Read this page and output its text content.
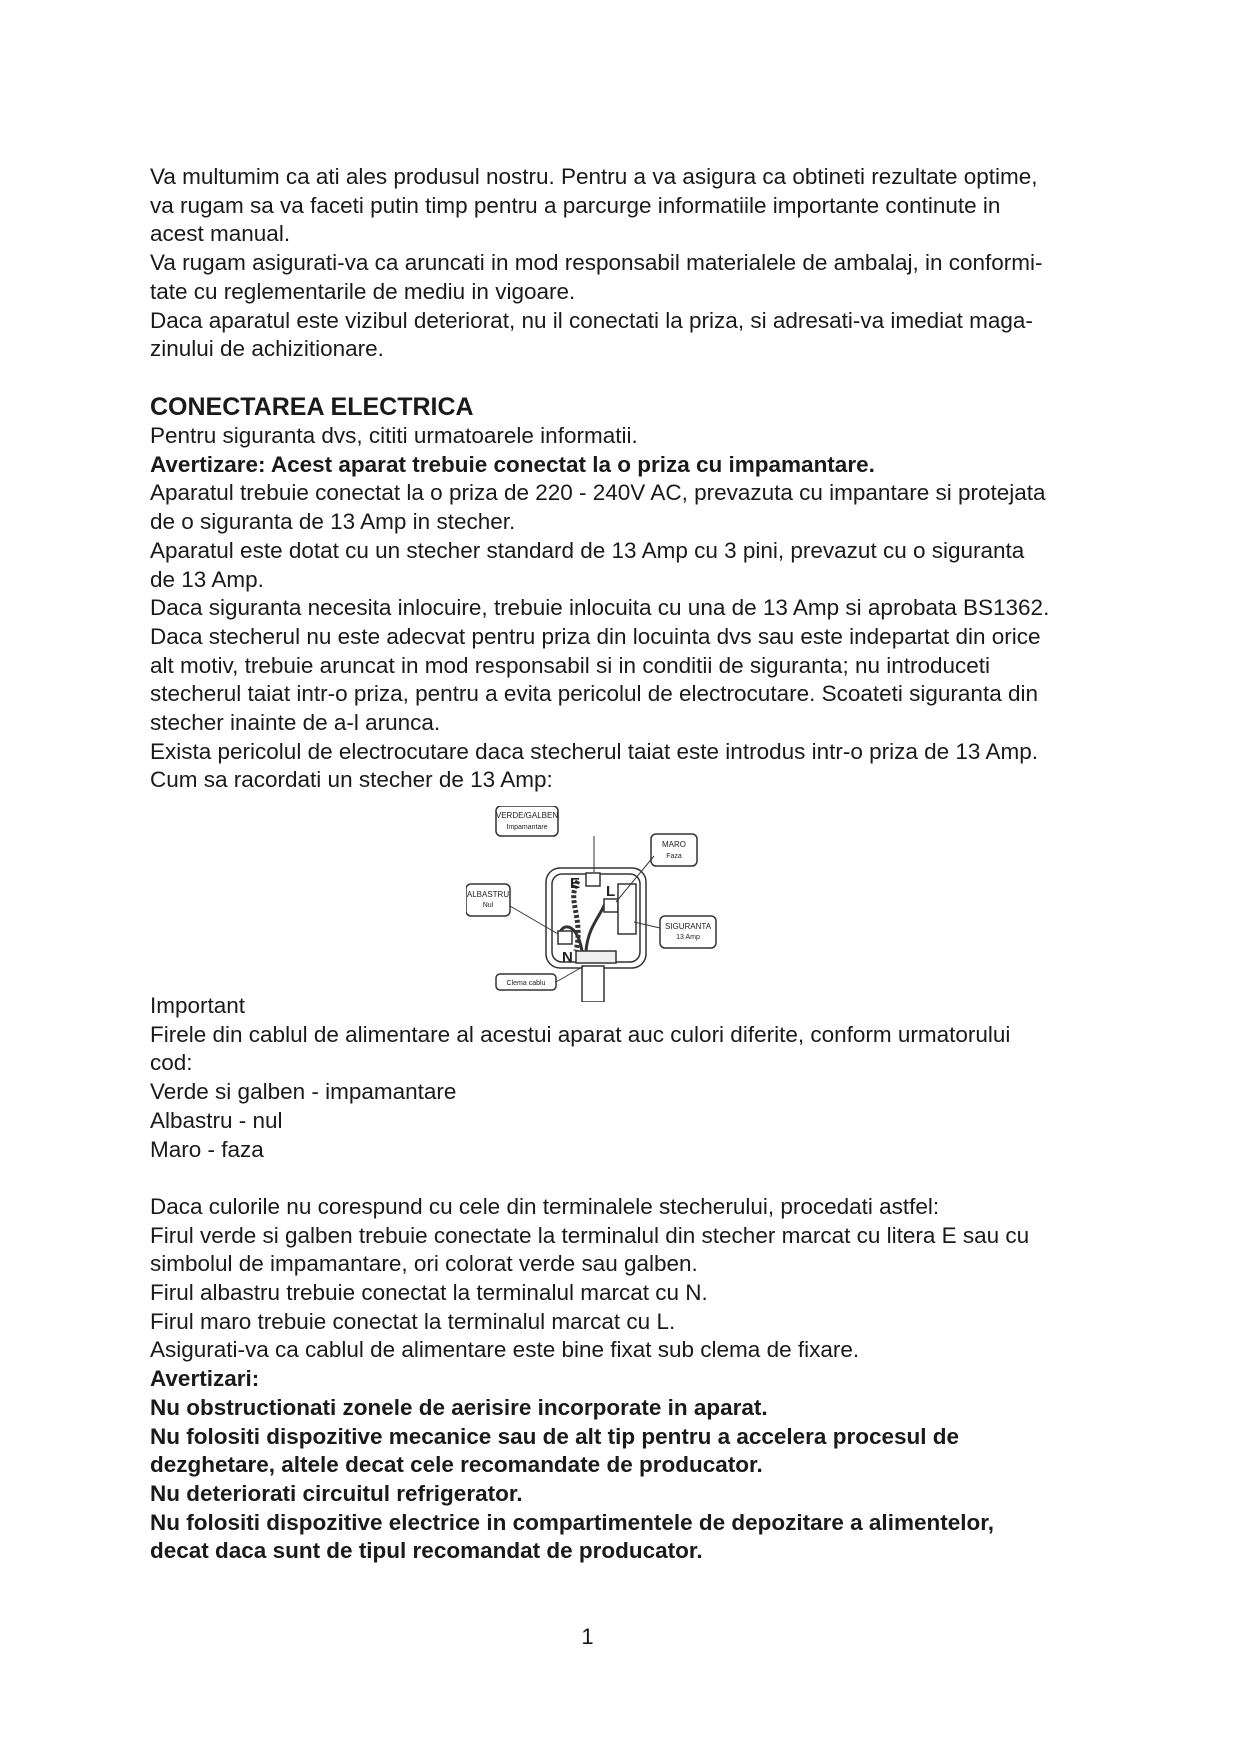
Va multumim ca ati ales produsul nostru. Pentru a va asigura ca obtineti rezultate optime,
va rugam sa va faceti putin timp pentru a parcurge informatiile importante continute in
acest manual.
Va rugam asigurati-va ca aruncati in mod responsabil materialele de ambalaj, in conformi-
tate cu reglementarile de mediu in vigoare.
Daca aparatul este vizibul deteriorat, nu il conectati la priza, si adresati-va imediat maga-
zinului de achizitionare.
CONECTAREA ELECTRICA
Pentru siguranta dvs, cititi urmatoarele informatii.
Avertizare: Acest aparat trebuie conectat la o priza cu impamantare.
Aparatul trebuie conectat la o priza de 220 - 240V AC, prevazuta cu impantare si protejata
de o siguranta de 13 Amp in stecher.
Aparatul este dotat cu un stecher standard de 13 Amp cu 3 pini, prevazut cu o siguranta
de 13 Amp.
Daca siguranta necesita inlocuire, trebuie inlocuita cu una de 13 Amp si aprobata BS1362.
Daca stecherul nu este adecvat pentru priza din locuinta dvs sau este indepartat din orice
alt motiv, trebuie aruncat in mod responsabil si in conditii de siguranta; nu introduceti
stecherul taiat intr-o priza, pentru a evita pericolul de electrocutare. Scoateti siguranta din
stecher inainte de a-l arunca.
Exista pericolul de electrocutare daca stecherul taiat este introdus intr-o priza de 13 Amp.
Cum sa racordati un stecher de 13 Amp:
VERDE/GALBEN
Impamantare
MARO
Faza
ALBASTRU
Nul
SIGURANTA
13 Amp
Clema cablu
E L
N
Important
Firele din cablul de alimentare al acestui aparat auc culori diferite, conform urmatorului
cod:
Verde si galben - impamantare
Albastru - nul
Maro - faza
Daca culorile nu corespund cu cele din terminalele stecherului, procedati astfel:
Firul verde si galben trebuie conectate la terminalul din stecher marcat cu litera E sau cu
simbolul de impamantare, ori colorat verde sau galben.
Firul albastru trebuie conectat la terminalul marcat cu N.
Firul maro trebuie conectat la terminalul marcat cu L.
Asigurati-va ca cablul de alimentare este bine fixat sub clema de fixare.
Avertizari:
Nu obstructionati zonele de aerisire incorporate in aparat.
Nu folositi dispozitive mecanice sau de alt tip pentru a accelera procesul de
dezghetare, altele decat cele recomandate de producator.
Nu deteriorati circuitul refrigerator.
Nu folositi dispozitive electrice in compartimentele de depozitare a alimentelor,
decat daca sunt de tipul recomandat de producator.
1
